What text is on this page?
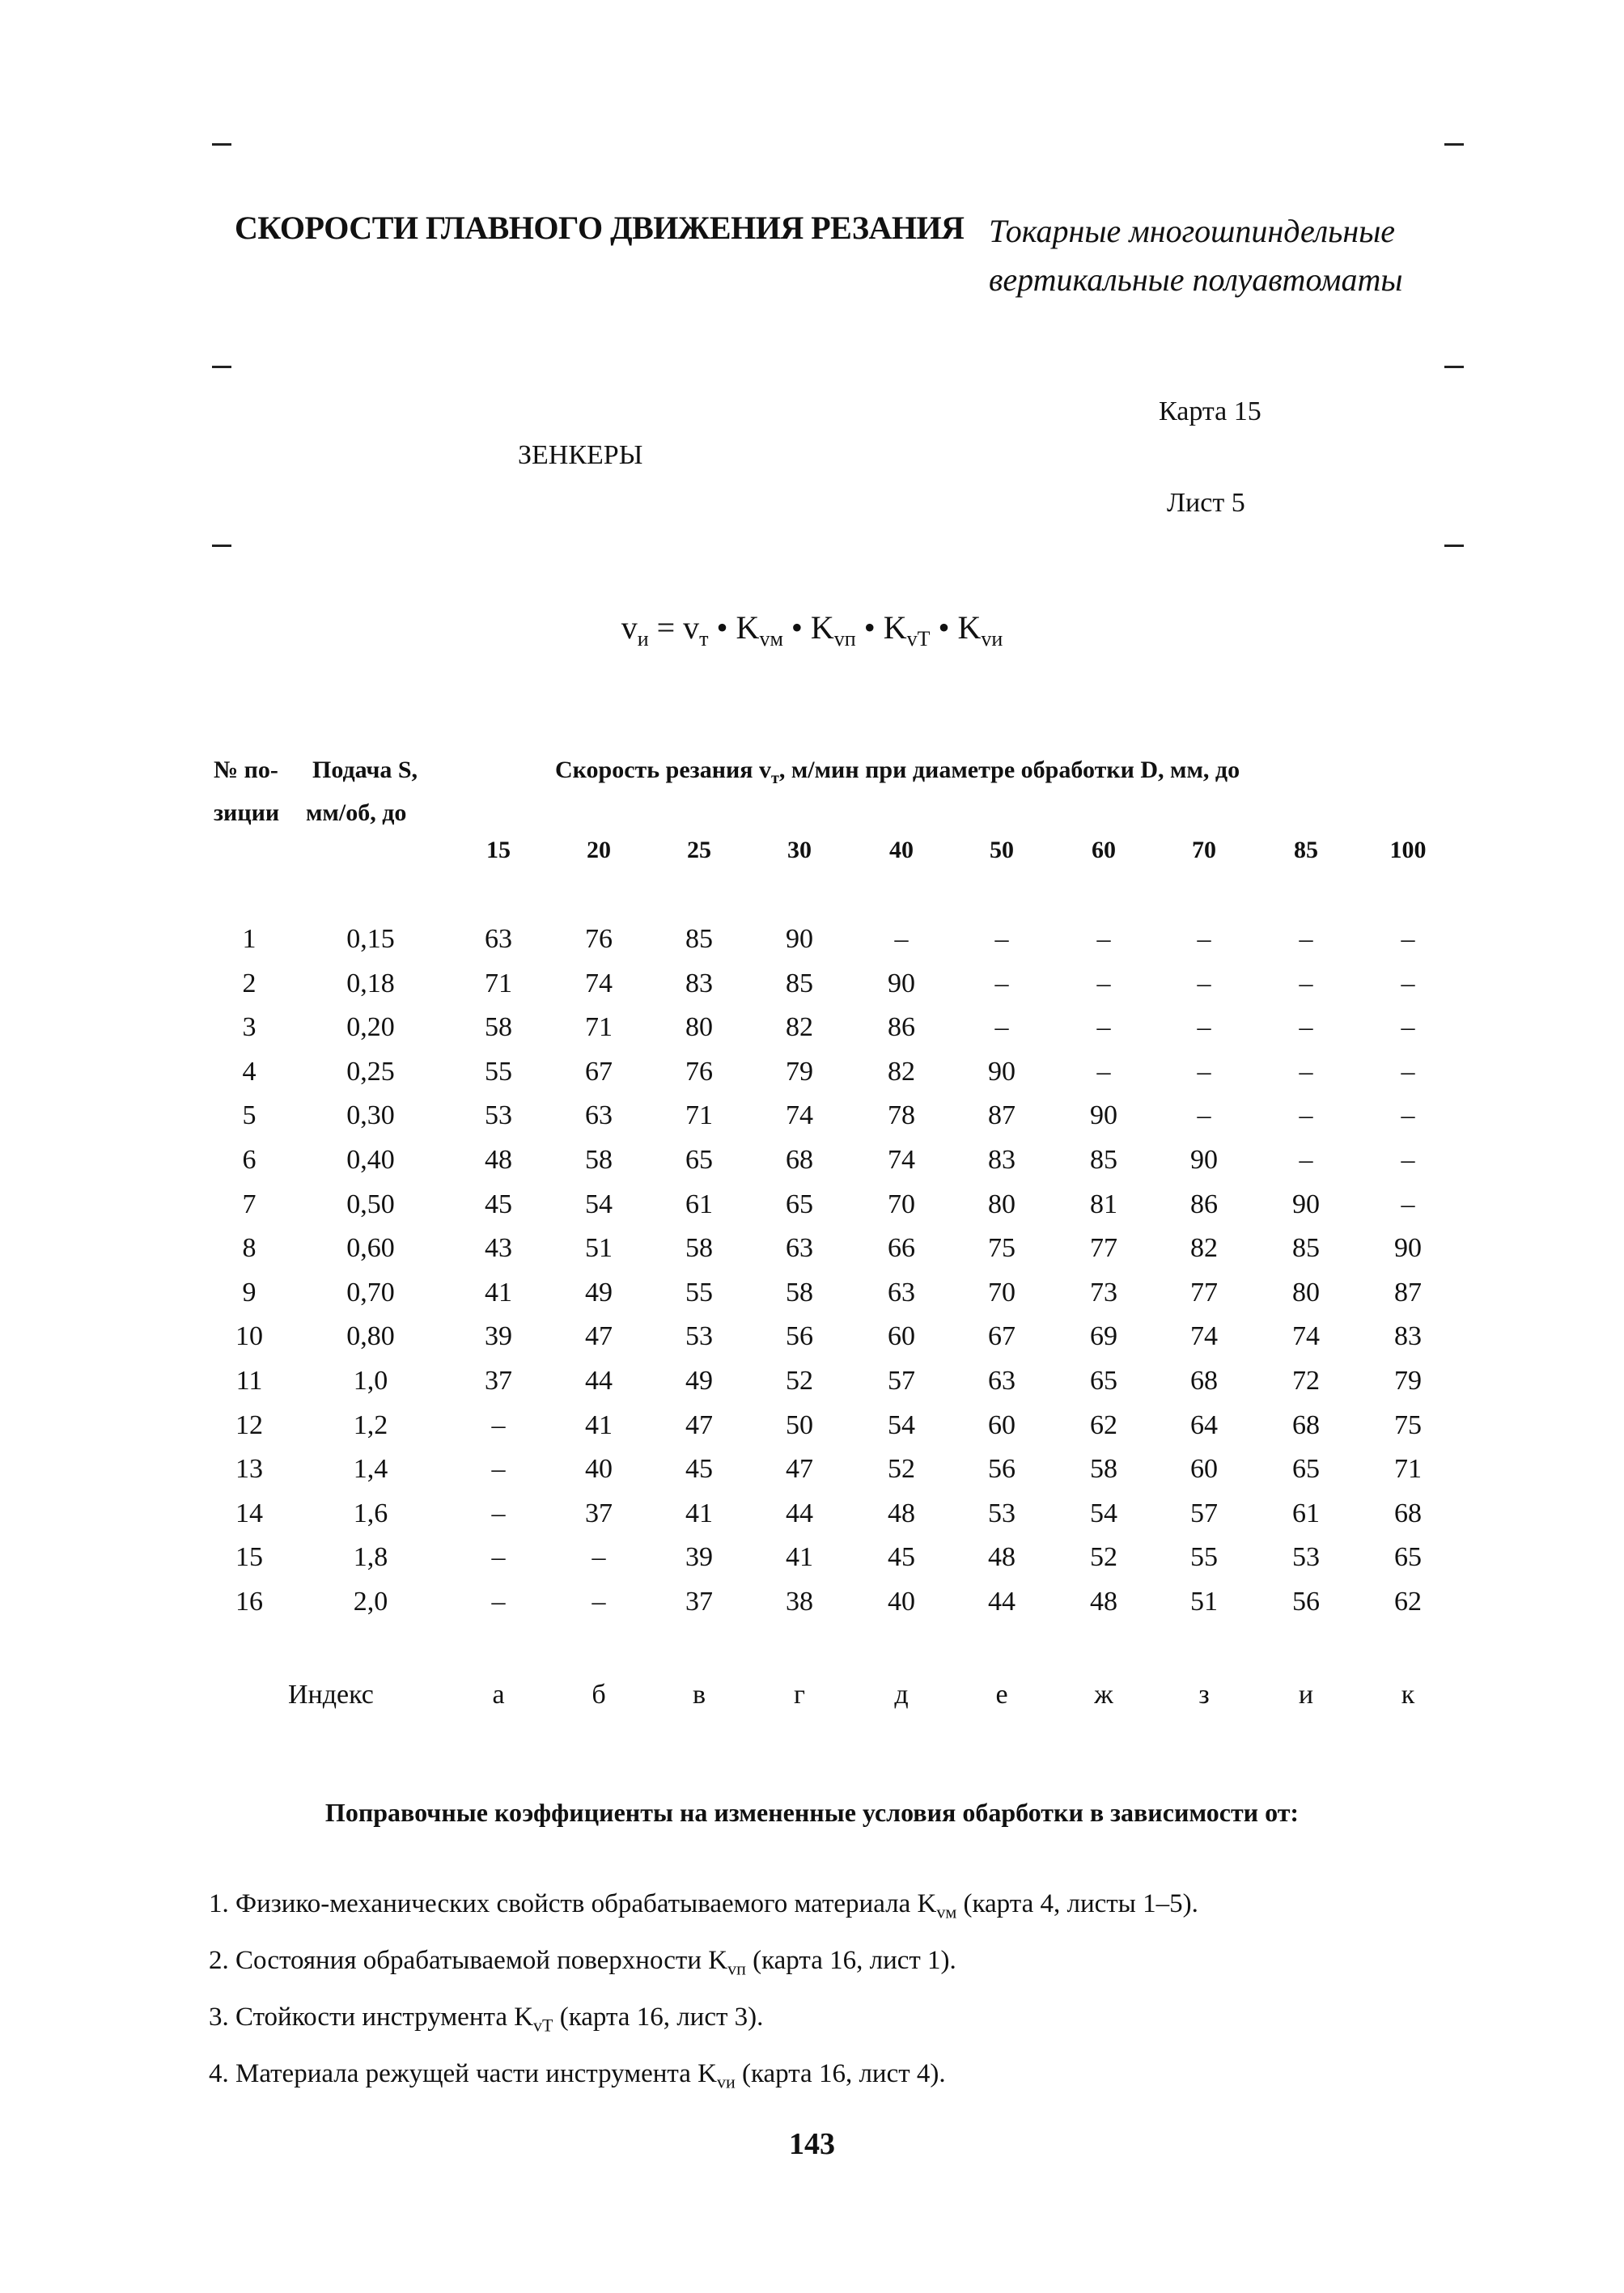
СКОРОСТИ ГЛАВНОГО ДВИЖЕНИЯ РЕЗАНИЯ Токарные многошпиндельные
вертикальные полуавтоматы
Карта 15
ЗЕНКЕРЫ
Лист 5
$v_и = v_т$ • $K_{vм}$ • $K_{vп}$ • $K_{vT}$ • $K_{vи}$
№ по-
зиции
Подача S,
мм/об, до
Скорость резания $v_т$, м/мин при диаметре обработки D, мм, до
15	20	25	30	40	50	60	70	85	100
1	0,15	63	76	85	90	–	–	–	–	–	–
2	0,18	71	74	83	85	90	–	–	–	–	–
3	0,20	58	71	80	82	86	–	–	–	–	–
4	0,25	55	67	76	79	82	90	–	–	–	–
5	0,30	53	63	71	74	78	87	90	–	–	–
6	0,40	48	58	65	68	74	83	85	90	–	–
7	0,50	45	54	61	65	70	80	81	86	90	–
8	0,60	43	51	58	63	66	75	77	82	85	90
9	0,70	41	49	55	58	63	70	73	77	80	87
10	0,80	39	47	53	56	60	67	69	74	74	83
11	1,0	37	44	49	52	57	63	65	68	72	79
12	1,2	–	41	47	50	54	60	62	64	68	75
13	1,4	–	40	45	47	52	56	58	60	65	71
14	1,6	–	37	41	44	48	53	54	57	61	68
15	1,8	–	–	39	41	45	48	52	55	53	65
16	2,0	–	–	37	38	40	44	48	51	56	62
Индекс	а	б	в	г	д	е	ж	з	и	к
Поправочные коэффициенты на измененные условия обарботки в зависимости от:
1. Физико-механических свойств обрабатываемого материала $K_{vм}$ (карта 4, листы 1–5).
2. Состояния обрабатываемой поверхности $K_{vп}$ (карта 16, лист 1).
3. Стойкости инструмента $K_{vT}$ (карта 16, лист 3).
4. Материала режущей части инструмента $K_{vи}$ (карта 16, лист 4).
143
